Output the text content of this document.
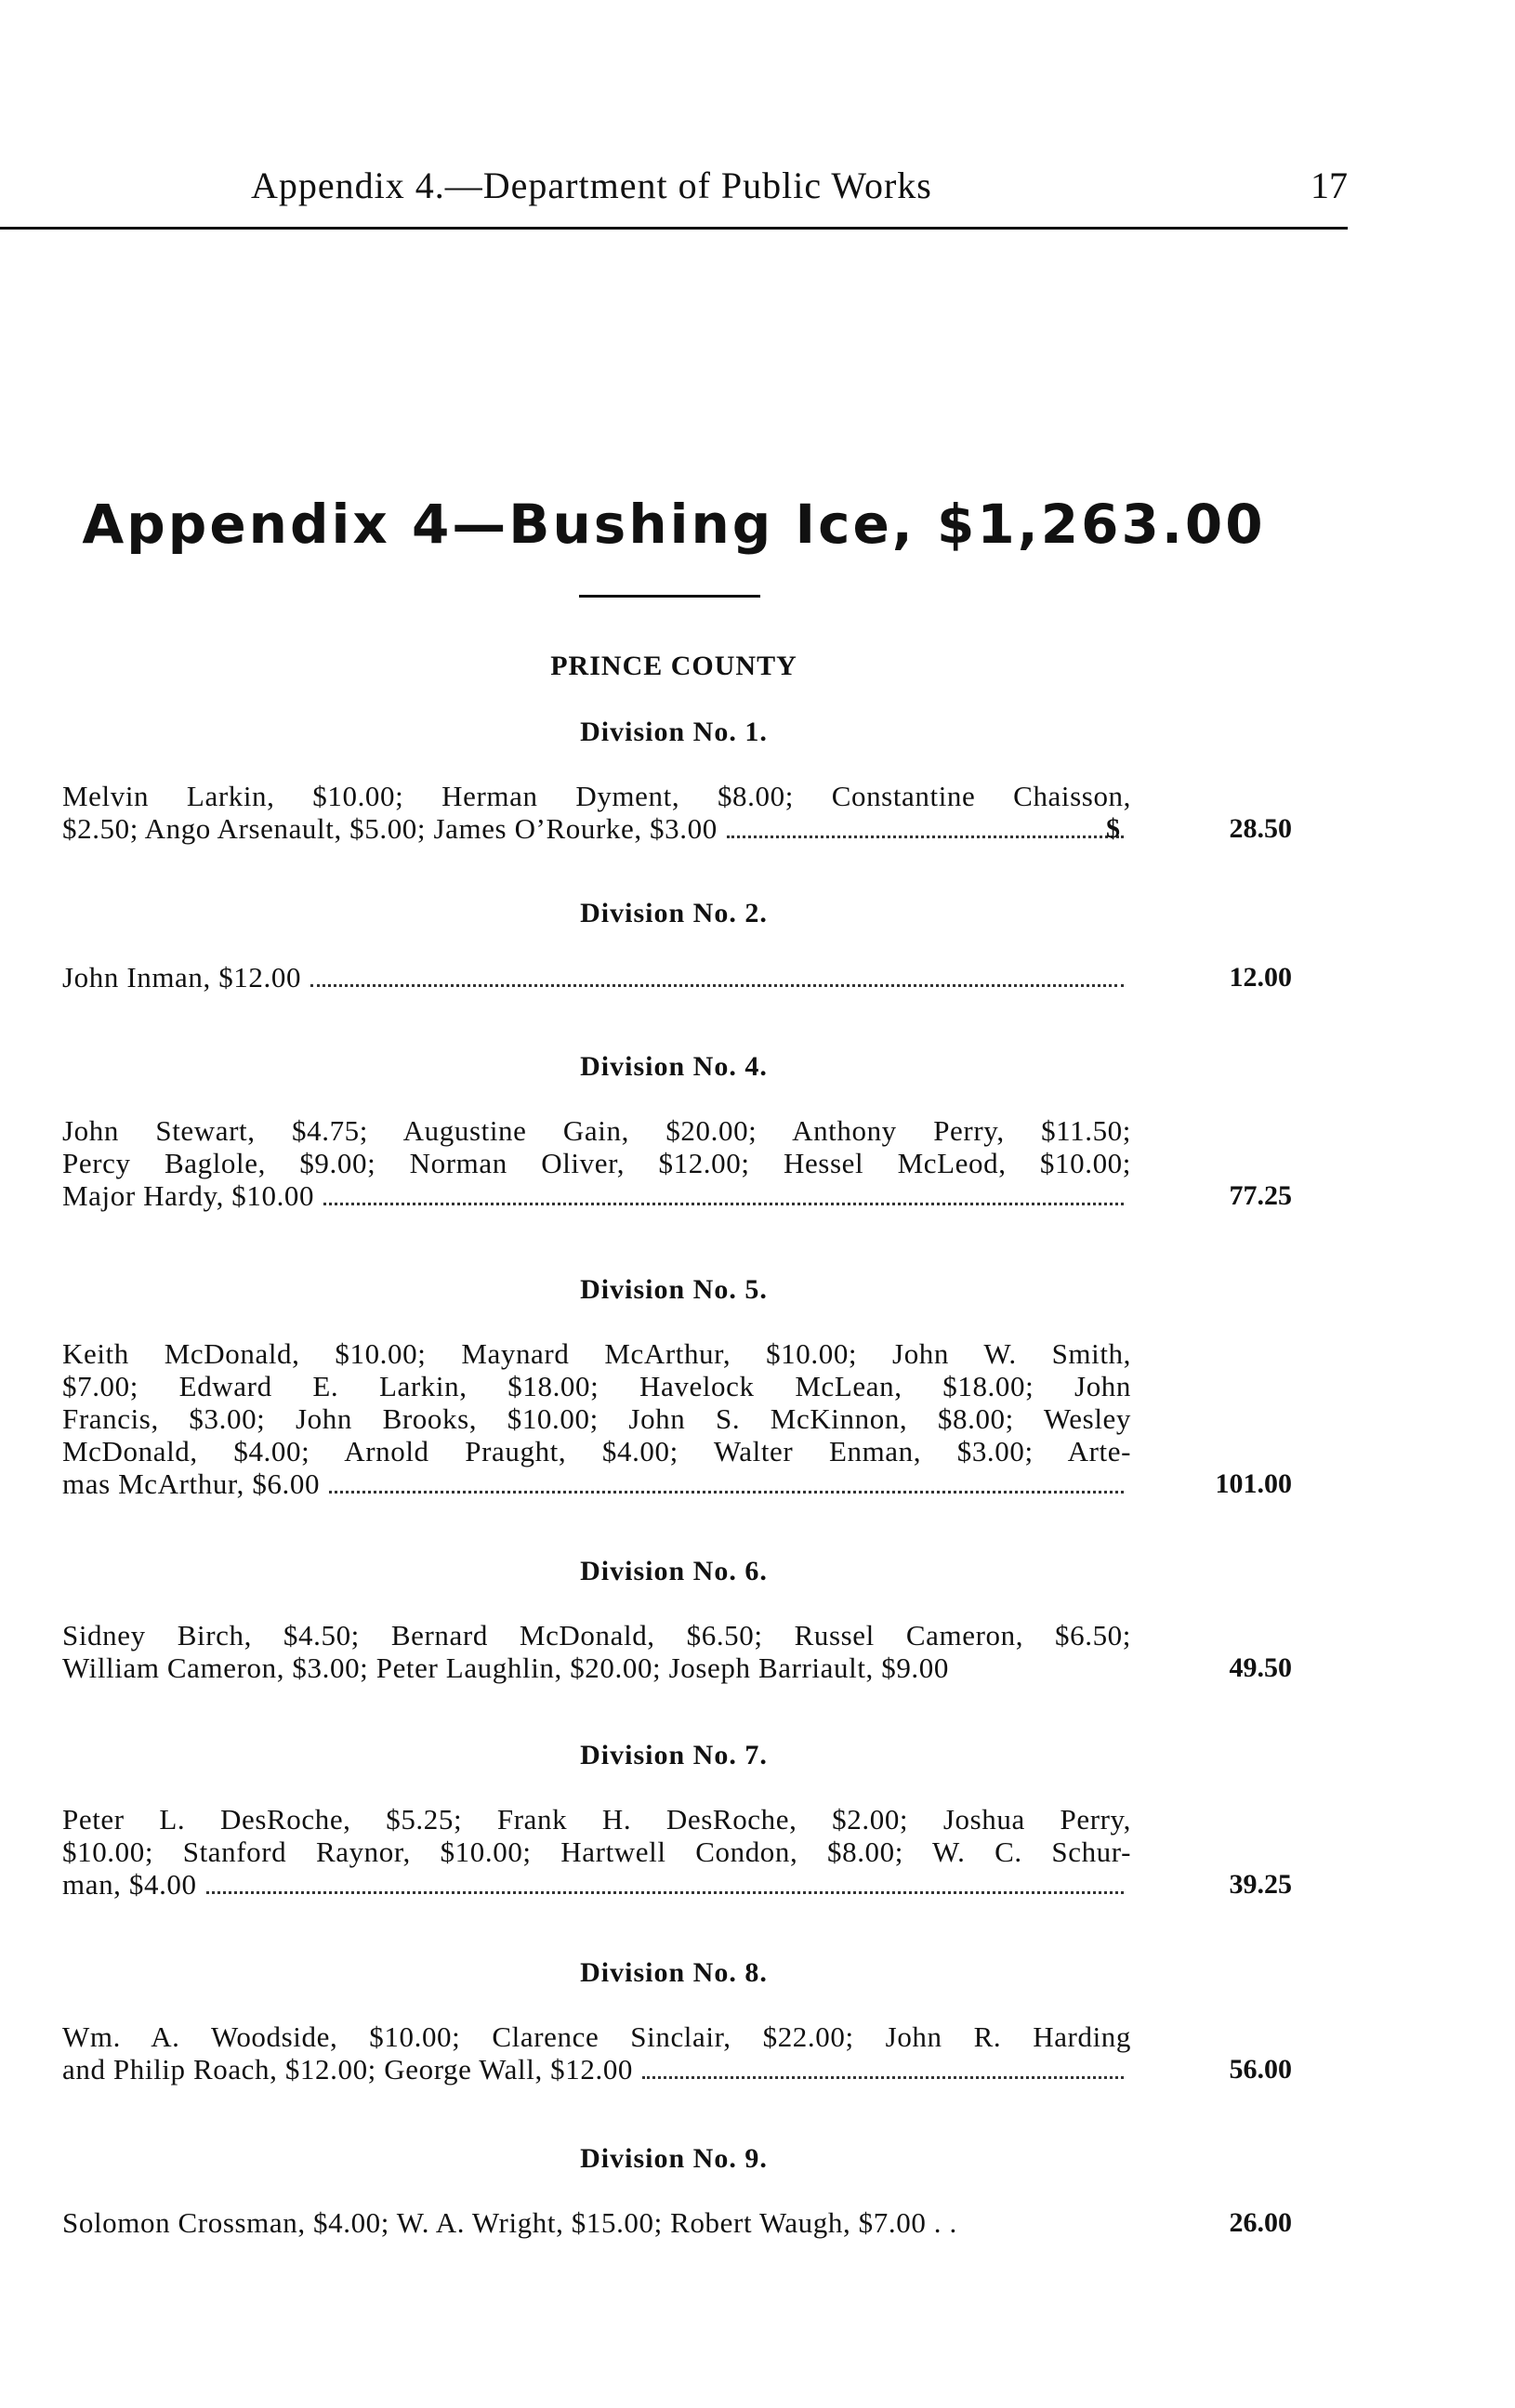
Appendix 4.—Department of Public Works	17
Appendix 4—Bushing Ice, $1,263.00
PRINCE COUNTY
Division No. 1.
Melvin Larkin, $10.00; Herman Dyment, $8.00; Constantine Chaisson,
$2.50; Ango Arsenault, $5.00; James O’Rourke, $3.00	$	28.50
Division No. 2.
John Inman, $12.00	12.00
Division No. 4.
John Stewart, $4.75; Augustine Gain, $20.00; Anthony Perry, $11.50;
Percy Baglole, $9.00; Norman Oliver, $12.00; Hessel McLeod, $10.00;
Major Hardy, $10.00	77.25
Division No. 5.
Keith McDonald, $10.00; Maynard McArthur, $10.00; John W. Smith,
$7.00; Edward E. Larkin, $18.00; Havelock McLean, $18.00; John
Francis, $3.00; John Brooks, $10.00; John S. McKinnon, $8.00; Wesley
McDonald, $4.00; Arnold Praught, $4.00; Walter Enman, $3.00; Arte-
mas McArthur, $6.00	101.00
Division No. 6.
Sidney Birch, $4.50; Bernard McDonald, $6.50; Russel Cameron, $6.50;
William Cameron, $3.00; Peter Laughlin, $20.00; Joseph Barriault, $9.00	49.50
Division No. 7.
Peter L. DesRoche, $5.25; Frank H. DesRoche, $2.00; Joshua Perry,
$10.00; Stanford Raynor, $10.00; Hartwell Condon, $8.00; W. C. Schur-
man, $4.00	39.25
Division No. 8.
Wm. A. Woodside, $10.00; Clarence Sinclair, $22.00; John R. Harding
and Philip Roach, $12.00; George Wall, $12.00	56.00
Division No. 9.
Solomon Crossman, $4.00; W. A. Wright, $15.00; Robert Waugh, $7.00 . .	26.00
